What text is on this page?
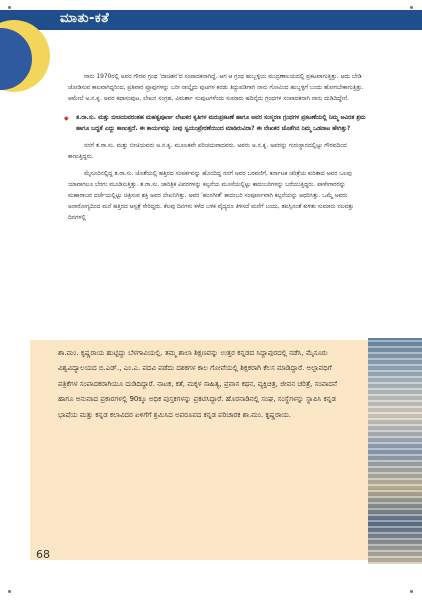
ಮಾತು-ಕತೆ

ನಾನು 1970ರಲ್ಲಿ ಅವರ ಗೌರವ ಗ್ರಂಥ 'ದಾಚಿತನ'ದ ಸಂಪಾದಕನಾಗಿದ್ದೆ. ಆಗ ಆ ಗ್ರಂಥ ಹುಬ್ಬಳ್ಳಿಯ ಮುದ್ರಣಾಲಯದಲ್ಲಿ ಪ್ರಕಟವಾಗುತ್ತಿತ್ತು. ಅದು ಬೇಡಿ ಜೋಡಿಸುವ ಕಾಲವಾಗಿದ್ದರಿಂದ, ಪ್ರತಿವಾರ ಪ್ರೂಫುಗಳನ್ನು ಬರೀ ನಾಲ್ಕೈದು ಪುಟಗಳ ಕರಡು ತಿದ್ದುಪಡಿಗಾಗಿ ನಾನು ಗೋವಿಂದ ಹುಬ್ಬಳ್ಳಿಗೆ ಬಂದು ಹೋಗಬೇಕಾಗುತ್ತಿತ್ತು. ಆಮೇಲೆ ಅ.ನ.ಕೃ. ಅವರ ಕಥಾಸಂಪುಟ, ಲೇಖನ ಸಂಗ್ರಹ, ವಿಮರ್ಶಾ ಸಂಪುಟಗಳೆಂದು ಸುಮಾರು ಹದಿನೈದು ಗ್ರಂಥಗಳ ಸಂಪಾದಕನಾಗಿ ನಾನು ದುಡಿದಿದ್ದೇನೆ.

◆ ತ.ರಾ.ಸು. ಮತ್ತು ಬೀಚಿಯವರಂತಹ ಮಹತ್ವಪೂರ್ಣ ಲೇಖಕರ ಕೃತಿಗಳ ಮರುಪ್ರಕಟಣೆ ಹಾಗೂ ಅವರ ಸಂಸ್ಮರಣ ಗ್ರಂಥಗಳ ಪ್ರಕಟಣೆಯಲ್ಲಿ ನಿಮ್ಮ ಅವಿರತ ಶ್ರಮ ಹಾಗೂ ಬದ್ಧತೆ ಎದ್ದು ಕಾಣುತ್ತದೆ. ಈ ಕಾರ್ಯವನ್ನು ನೀವು ಸ್ವಯಂಪ್ರೇರಣೆಯಿಂದ ಮಾಡಿರುವಿರಾ? ಈ ಲೇಖಕರ ಜೊತೆಗಿನ ನಿಮ್ಮ ಒಡನಾಟ ಹೇಗಿತ್ತು?

ನನಗೆ ತ.ರಾ.ಸು. ಮತ್ತು ಬೀಚಿಯವರು ಅ.ನ.ಕೃ. ಮೂಲಕವೇ ಪರಿಚಯವಾದವರು. ಅವರು ಅ.ನ.ಕೃ. ಅವರನ್ನು ಗುರುಸ್ಥಾನದಲ್ಲಿಟ್ಟು ಗೌರವದಿಂದ ಕಾಣುತ್ತಿದ್ದರು.

ಮೈಸೂರಿನಲ್ಲಿದ್ದ ತ.ರಾ.ಸು. ಜೊತೆಯಲ್ಲಿ ಹತ್ತಿರದ ಸಂಪರ್ಕವನ್ನು ಹೊಂದಿದ್ದ ನನಗೆ ಅವರ ಬರವಣಿಗೆ, ಕರ್ನಾಟಕ ಚರಿತ್ರೆಯ ಕುರಿತಾದ ಅವರ ಒಲವು ಯಾವಾಗಲೂ ಬೆರಗು ಮೂಡಿಸುತ್ತಿತ್ತು. ತ.ರಾ.ಸು. ಚಾರಿತ್ರಿಕ ವಿವರಗಳನ್ನು ಕಲ್ಪನೆಯ ಮೂಸೆಯಲ್ಲಿಟ್ಟು ಕಾದಂಬರಿಗಳನ್ನು ಬರೆಯುತ್ತಿದ್ದರು. ಪಾಳೇಗಾರರನ್ನು ಮಹಾರಾಜರ ದರ್ಜೆಯಲ್ಲಿಟ್ಟು ಚಿತ್ರಿಸುವ ಶಕ್ತಿ ಅವರ ಲೇಖನಿಗಿತ್ತು. ಅವರ 'ಹಂಸಗೀತೆ' ಕಾದಂಬರಿ ಸಂಪೂರ್ಣವಾಗಿ ಕಲ್ಪನೆಯನ್ನು ಆಧರಿಸಿತ್ತು. ಒಮ್ಮೆ ಅವರು ಅನಾರೋಗ್ಯದಿಂದ ಮನೆ ಹತ್ತಿರದ ಆಸ್ಪತ್ರೆ ಸೇರಿದ್ದರು. ಕೆಲವು ದಿನಗಳು ಕಳೆದ ಬಳಿಕ ವೈದ್ಯರೂ ತಿಳಿಸದೆ ಮನೆಗೆ ಬಂದು, ತಪಸ್ಸಿನಂತೆ ಕುಳಿತು ಸುಮಾರು ನಲವತ್ತು ದಿನಗಳಲ್ಲಿ

ಶಾ.ಮಂ. ಕೃಷ್ಣರಾಯ ಹುಟ್ಟಿದ್ದು ಬೆಳಗಾವಿಯಲ್ಲಿ. ತಮ್ಮ ಶಾಲಾ ಶಿಕ್ಷಣವನ್ನು ಉತ್ತರ ಕನ್ನಡದ ಸಿದ್ದಾಪುರದಲ್ಲಿ ನಡೆಸಿ, ಮೈಸೂರು ವಿಶ್ವವಿದ್ಯಾಲಯದ ಬಿ.ಎಡ್., ಎಂ.ಎ. ಪದವಿ ಪಡೆದು ದಶಕಗಳ ಕಾಲ ಗೋವೆಯಲ್ಲಿ ಶಿಕ್ಷಕರಾಗಿ ಕೆಲಸ ಮಾಡಿದ್ದಾರೆ. ಅಲ್ಪಾವಧಿಗೆ ಪತ್ರಿಕೆಗಳ ಸಂಪಾದಕರಾಗಿಯೂ ದುಡಿದಿದ್ದಾರೆ. ನಾಟಕ, ಕತೆ, ಮಕ್ಕಳ ಸಾಹಿತ್ಯ, ಪ್ರವಾಸ ಕಥನ, ವ್ಯಕ್ತಿಚಿತ್ರ, ಜೀವನ ಚರಿತ್ರೆ, ಸಂಪಾದನೆ ಹಾಗೂ ಅನುವಾದ ಪ್ರಕಾರಗಳಲ್ಲಿ 90ಕ್ಕೂ ಅಧಿಕ ಪುಸ್ತಕಗಳನ್ನು ಪ್ರಕಟಿಸಿದ್ದಾರೆ. ಹೊರನಾಡಿನಲ್ಲಿ ಸಂಘ, ಸಂಸ್ಥೆಗಳನ್ನು ಸ್ಥಾಪಿಸಿ ಕನ್ನಡ ಭಾಷೆಯ ಮತ್ತು ಕನ್ನಡ ಕಲಾವಿದರ ಏಳಿಗೆಗೆ ಶ್ರಮಿಸಿದ ಅಪರೂಪದ ಕನ್ನಡ ಪರಿಚಾರಕ ಶಾ.ಮಂ. ಕೃಷ್ಣರಾಯ.
68
